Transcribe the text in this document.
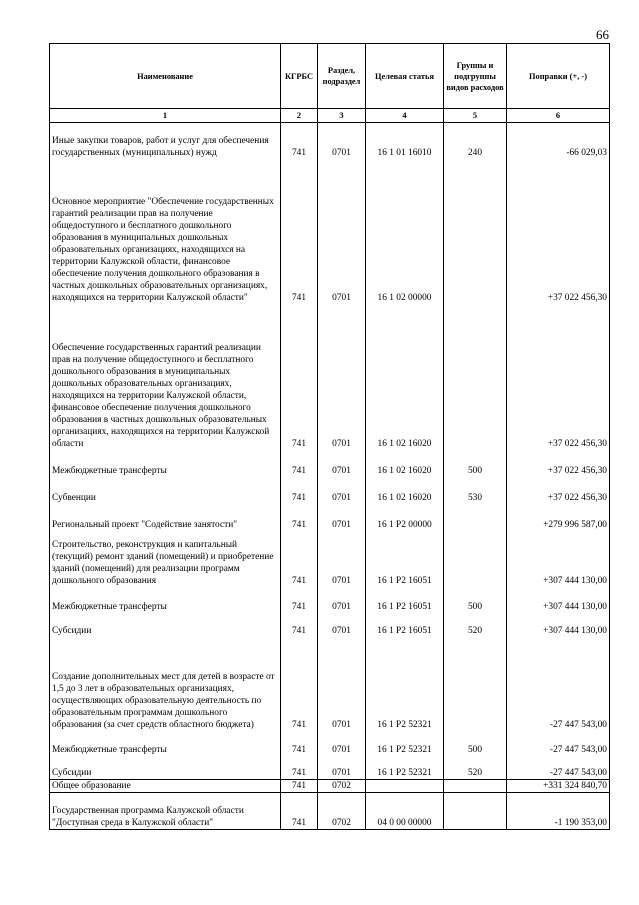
66
Наименование	КГРБС	Раздел, подраздел	Целевая статья	Группы и подгруппы видов расходов	Поправки (+, -)
1	2	3	4	5	6
Иные закупки товаров, работ и услуг для обеспечения государственных (муниципальных) нужд	741	0701	16 1 01 16010	240	-66 029,03
Основное мероприятие "Обеспечение государственных гарантий реализации прав на получение общедоступного и бесплатного дошкольного образования в муниципальных дошкольных образовательных организациях, находящихся на территории Калужской области, финансовое обеспечение получения дошкольного образования в частных дошкольных образовательных организациях, находящихся на территории Калужской области"	741	0701	16 1 02 00000		+37 022 456,30
Обеспечение государственных гарантий реализации прав на получение общедоступного и бесплатного дошкольного образования в муниципальных дошкольных образовательных организациях, находящихся на территории Калужской области, финансовое обеспечение получения дошкольного образования в частных дошкольных образовательных организациях, находящихся на территории Калужской области	741	0701	16 1 02 16020		+37 022 456,30
Межбюджетные трансферты	741	0701	16 1 02 16020	500	+37 022 456,30
Субвенции	741	0701	16 1 02 16020	530	+37 022 456,30
Региональный проект "Содействие занятости"	741	0701	16 1 P2 00000		+279 996 587,00
Строительство, реконструкция и капитальный (текущий) ремонт зданий (помещений) и приобретение зданий (помещений) для реализации программ дошкольного образования	741	0701	16 1 P2 16051		+307 444 130,00
Межбюджетные трансферты	741	0701	16 1 P2 16051	500	+307 444 130,00
Субсидии	741	0701	16 1 P2 16051	520	+307 444 130,00
Создание дополнительных мест для детей в возрасте от 1,5 до 3 лет в образовательных организациях, осуществляющих образовательную деятельность по образовательным программам дошкольного образования (за счет средств областного бюджета)	741	0701	16 1 P2 52321		-27 447 543,00
Межбюджетные трансферты	741	0701	16 1 P2 52321	500	-27 447 543,00
Субсидии	741	0701	16 1 P2 52321	520	-27 447 543,00
Общее образование	741	0702			+331 324 840,70
Государственная программа Калужской области "Доступная среда в Калужской области"	741	0702	04 0 00 00000		-1 190 353,00
